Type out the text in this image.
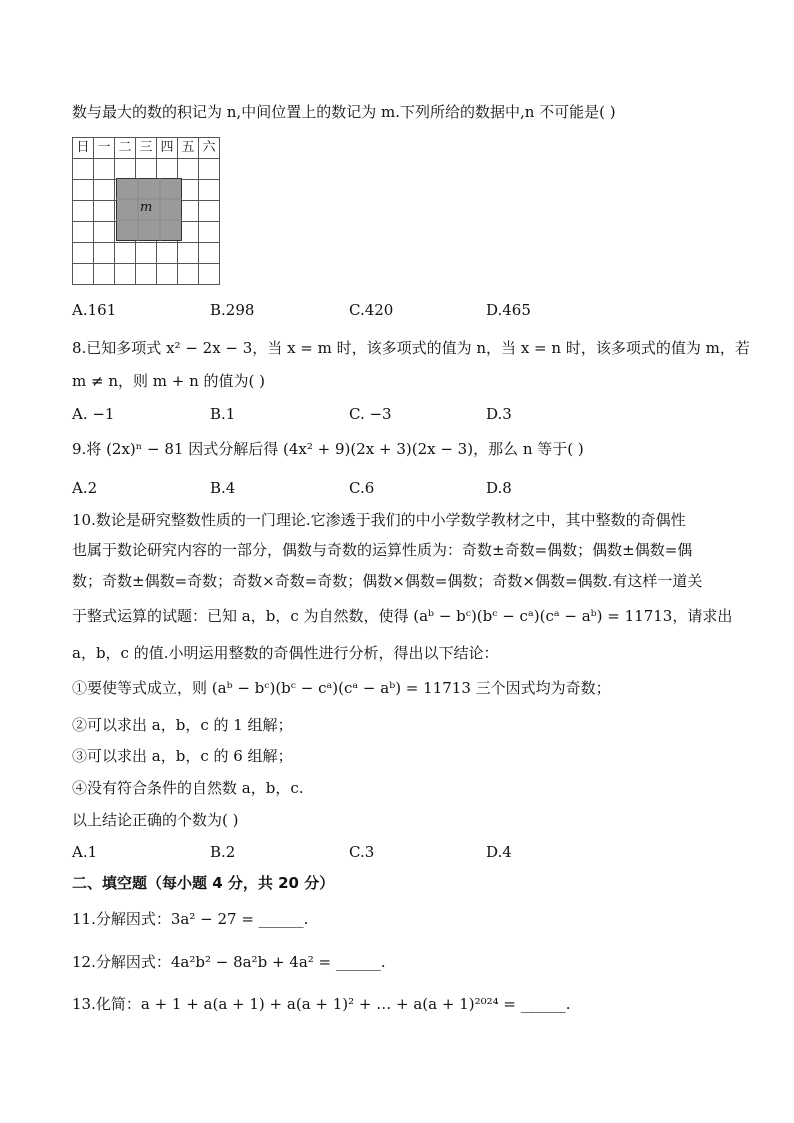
数与最大的数的积记为 n,中间位置上的数记为 m.下列所给的数据中,n 不可能是( )
日	一	二	三	四	五	六

m
A.161	B.298	C.420	D.465
8.已知多项式 x² − 2x − 3，当 x = m 时，该多项式的值为 n，当 x = n 时，该多项式的值为 m，若
m ≠ n，则 m + n 的值为( )
A. −1	B.1	C. −3	D.3
9.将 (2x)ⁿ − 81 因式分解后得 (4x² + 9)(2x + 3)(2x − 3)，那么 n 等于( )
A.2	B.4	C.6	D.8
10.数论是研究整数性质的一门理论.它渗透于我们的中小学数学教材之中，其中整数的奇偶性
也属于数论研究内容的一部分，偶数与奇数的运算性质为：奇数±奇数=偶数；偶数±偶数=偶
数；奇数±偶数=奇数；奇数×奇数=奇数；偶数×偶数=偶数；奇数×偶数=偶数.有这样一道关
于整式运算的试题：已知 a，b，c 为自然数，使得 (aᵇ − bᶜ)(bᶜ − cᵃ)(cᵃ − aᵇ) = 11713，请求出
a，b，c 的值.小明运用整数的奇偶性进行分析，得出以下结论：
①要使等式成立，则 (aᵇ − bᶜ)(bᶜ − cᵃ)(cᵃ − aᵇ) = 11713 三个因式均为奇数；
②可以求出 a，b，c 的 1 组解；
③可以求出 a，b，c 的 6 组解；
④没有符合条件的自然数 a，b，c.
以上结论正确的个数为( )
A.1	B.2	C.3	D.4
二、填空题（每小题 4 分，共 20 分）
11.分解因式：3a² − 27 = ______.
12.分解因式：4a²b² − 8a²b + 4a² = ______.
13.化简：a + 1 + a(a + 1) + a(a + 1)² + … + a(a + 1)²⁰²⁴ = ______.
